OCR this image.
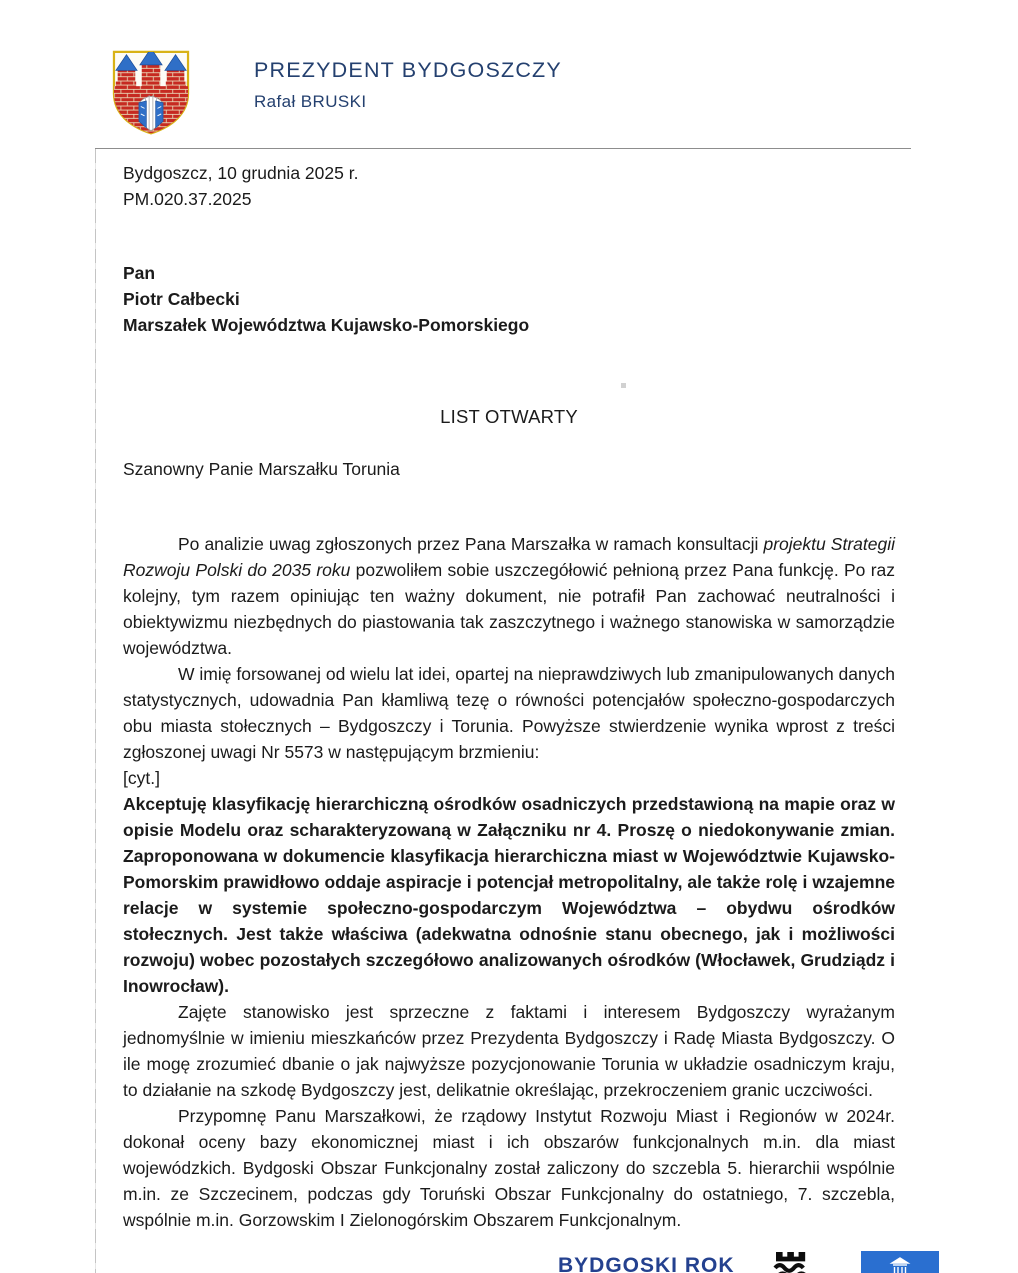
PREZYDENT BYDGOSZCZY
Rafał BRUSKI
Bydgoszcz, 10 grudnia 2025 r.
PM.020.37.2025
Pan
Piotr Całbecki
Marszałek Województwa Kujawsko-Pomorskiego
LIST OTWARTY
Szanowny Panie Marszałku Torunia

Po analizie uwag zgłoszonych przez Pana Marszałka w ramach konsultacji projektu Strategii Rozwoju Polski do 2035 roku pozwoliłem sobie uszczegółowić pełnioną przez Pana funkcję. Po raz kolejny, tym razem opiniując ten ważny dokument, nie potrafił Pan zachować neutralności i obiektywizmu niezbędnych do piastowania tak zaszczytnego i ważnego stanowiska w samorządzie województwa.

W imię forsowanej od wielu lat idei, opartej na nieprawdziwych lub zmanipulowanych danych statystycznych, udowadnia Pan kłamliwą tezę o równości potencjałów społeczno-gospodarczych obu miasta stołecznych – Bydgoszczy i Torunia. Powyższe stwierdzenie wynika wprost z treści zgłoszonej uwagi Nr 5573 w następującym brzmieniu:

[cyt.]

Akceptuję klasyfikację hierarchiczną ośrodków osadniczych przedstawioną na mapie oraz w opisie Modelu oraz scharakteryzowaną w Załączniku nr 4. Proszę o niedokonywanie zmian. Zaproponowana w dokumencie klasyfikacja hierarchiczna miast w Województwie Kujawsko-Pomorskim prawidłowo oddaje aspiracje i potencjał metropolitalny, ale także rolę i wzajemne relacje w systemie społeczno-gospodarczym Województwa – obydwu ośrodków stołecznych. Jest także właściwa (adekwatna odnośnie stanu obecnego, jak i możliwości rozwoju) wobec pozostałych szczegółowo analizowanych ośrodków (Włocławek, Grudziądz i Inowrocław).

Zajęte stanowisko jest sprzeczne z faktami i interesem Bydgoszczy wyrażanym jednomyślnie w imieniu mieszkańców przez Prezydenta Bydgoszczy i Radę Miasta Bydgoszczy. O ile mogę zrozumieć dbanie o jak najwyższe pozycjonowanie Torunia w układzie osadniczym kraju, to działanie na szkodę Bydgoszczy jest, delikatnie określając, przekroczeniem granic uczciwości.

Przypomnę Panu Marszałkowi, że rządowy Instytut Rozwoju Miast i Regionów w 2024r. dokonał oceny bazy ekonomicznej miast i ich obszarów funkcjonalnych m.in. dla miast wojewódzkich. Bydgoski Obszar Funkcjonalny został zaliczony do szczebla 5. hierarchii wspólnie m.in. ze Szczecinem, podczas gdy Toruński Obszar Funkcjonalny do ostatniego, 7. szczebla, wspólnie m.in. Gorzowskim I Zielonogórskim Obszarem Funkcjonalnym.

BYDGOSKI ROK
